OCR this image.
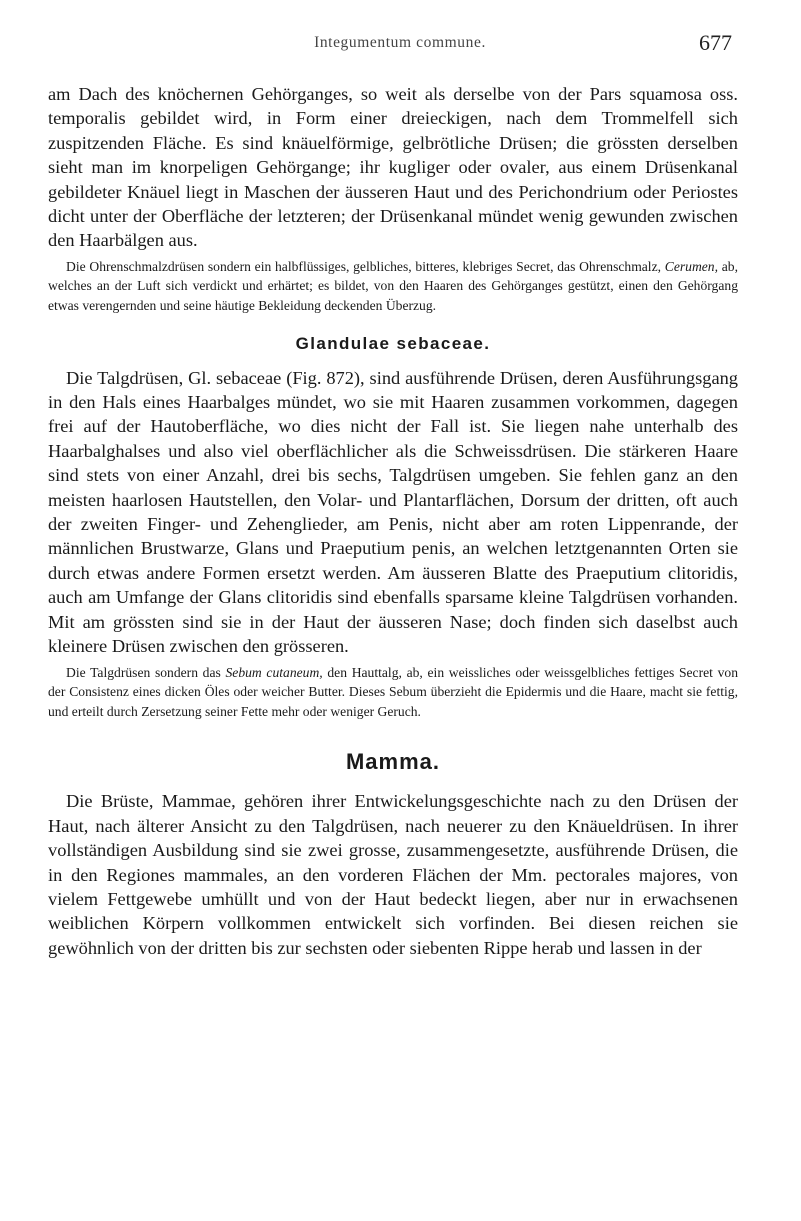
Integumentum commune.	677

am Dach des knöchernen Gehörganges, so weit als derselbe von der Pars squamosa oss. temporalis gebildet wird, in Form einer dreieckigen, nach dem Trommelfell sich zuspitzenden Fläche. Es sind knäuelförmige, gelbrötliche Drüsen; die grössten derselben sieht man im knorpeligen Gehörgange; ihr kugliger oder ovaler, aus einem Drüsenkanal gebildeter Knäuel liegt in Maschen der äusseren Haut und des Perichondrium oder Periostes dicht unter der Oberfläche der letzteren; der Drüsenkanal mündet wenig gewunden zwischen den Haarbälgen aus.

Die Ohrenschmalzdrüsen sondern ein halbflüssiges, gelbliches, bitteres, klebriges Secret, das Ohrenschmalz, Cerumen, ab, welches an der Luft sich verdickt und erhärtet; es bildet, von den Haaren des Gehörganges gestützt, einen den Gehörgang etwas verengernden und seine häutige Bekleidung deckenden Überzug.

Glandulae sebaceae.

Die Talgdrüsen, Gl. sebaceae (Fig. 872), sind ausführende Drüsen, deren Ausführungsgang in den Hals eines Haarbalges mündet, wo sie mit Haaren zusammen vorkommen, dagegen frei auf der Hautoberfläche, wo dies nicht der Fall ist. Sie liegen nahe unterhalb des Haarbalghalses und also viel oberflächlicher als die Schweissdrüsen. Die stärkeren Haare sind stets von einer Anzahl, drei bis sechs, Talgdrüsen umgeben. Sie fehlen ganz an den meisten haarlosen Hautstellen, den Volar- und Plantarflächen, Dorsum der dritten, oft auch der zweiten Finger- und Zehenglieder, am Penis, nicht aber am roten Lippenrande, der männlichen Brustwarze, Glans und Praeputium penis, an welchen letztgenannten Orten sie durch etwas andere Formen ersetzt werden. Am äusseren Blatte des Praeputium clitoridis, auch am Umfange der Glans clitoridis sind ebenfalls sparsame kleine Talgdrüsen vorhanden. Mit am grössten sind sie in der Haut der äusseren Nase; doch finden sich daselbst auch kleinere Drüsen zwischen den grösseren.

Die Talgdrüsen sondern das Sebum cutaneum, den Hauttalg, ab, ein weissliches oder weissgelbliches fettiges Secret von der Consistenz eines dicken Öles oder weicher Butter. Dieses Sebum überzieht die Epidermis und die Haare, macht sie fettig, und erteilt durch Zersetzung seiner Fette mehr oder weniger Geruch.

Mamma.

Die Brüste, Mammae, gehören ihrer Entwickelungsgeschichte nach zu den Drüsen der Haut, nach älterer Ansicht zu den Talgdrüsen, nach neuerer zu den Knäueldrüsen. In ihrer vollständigen Ausbildung sind sie zwei grosse, zusammengesetzte, ausführende Drüsen, die in den Regiones mammales, an den vorderen Flächen der Mm. pectorales majores, von vielem Fettgewebe umhüllt und von der Haut bedeckt liegen, aber nur in erwachsenen weiblichen Körpern vollkommen entwickelt sich vorfinden. Bei diesen reichen sie gewöhnlich von der dritten bis zur sechsten oder siebenten Rippe herab und lassen in der
